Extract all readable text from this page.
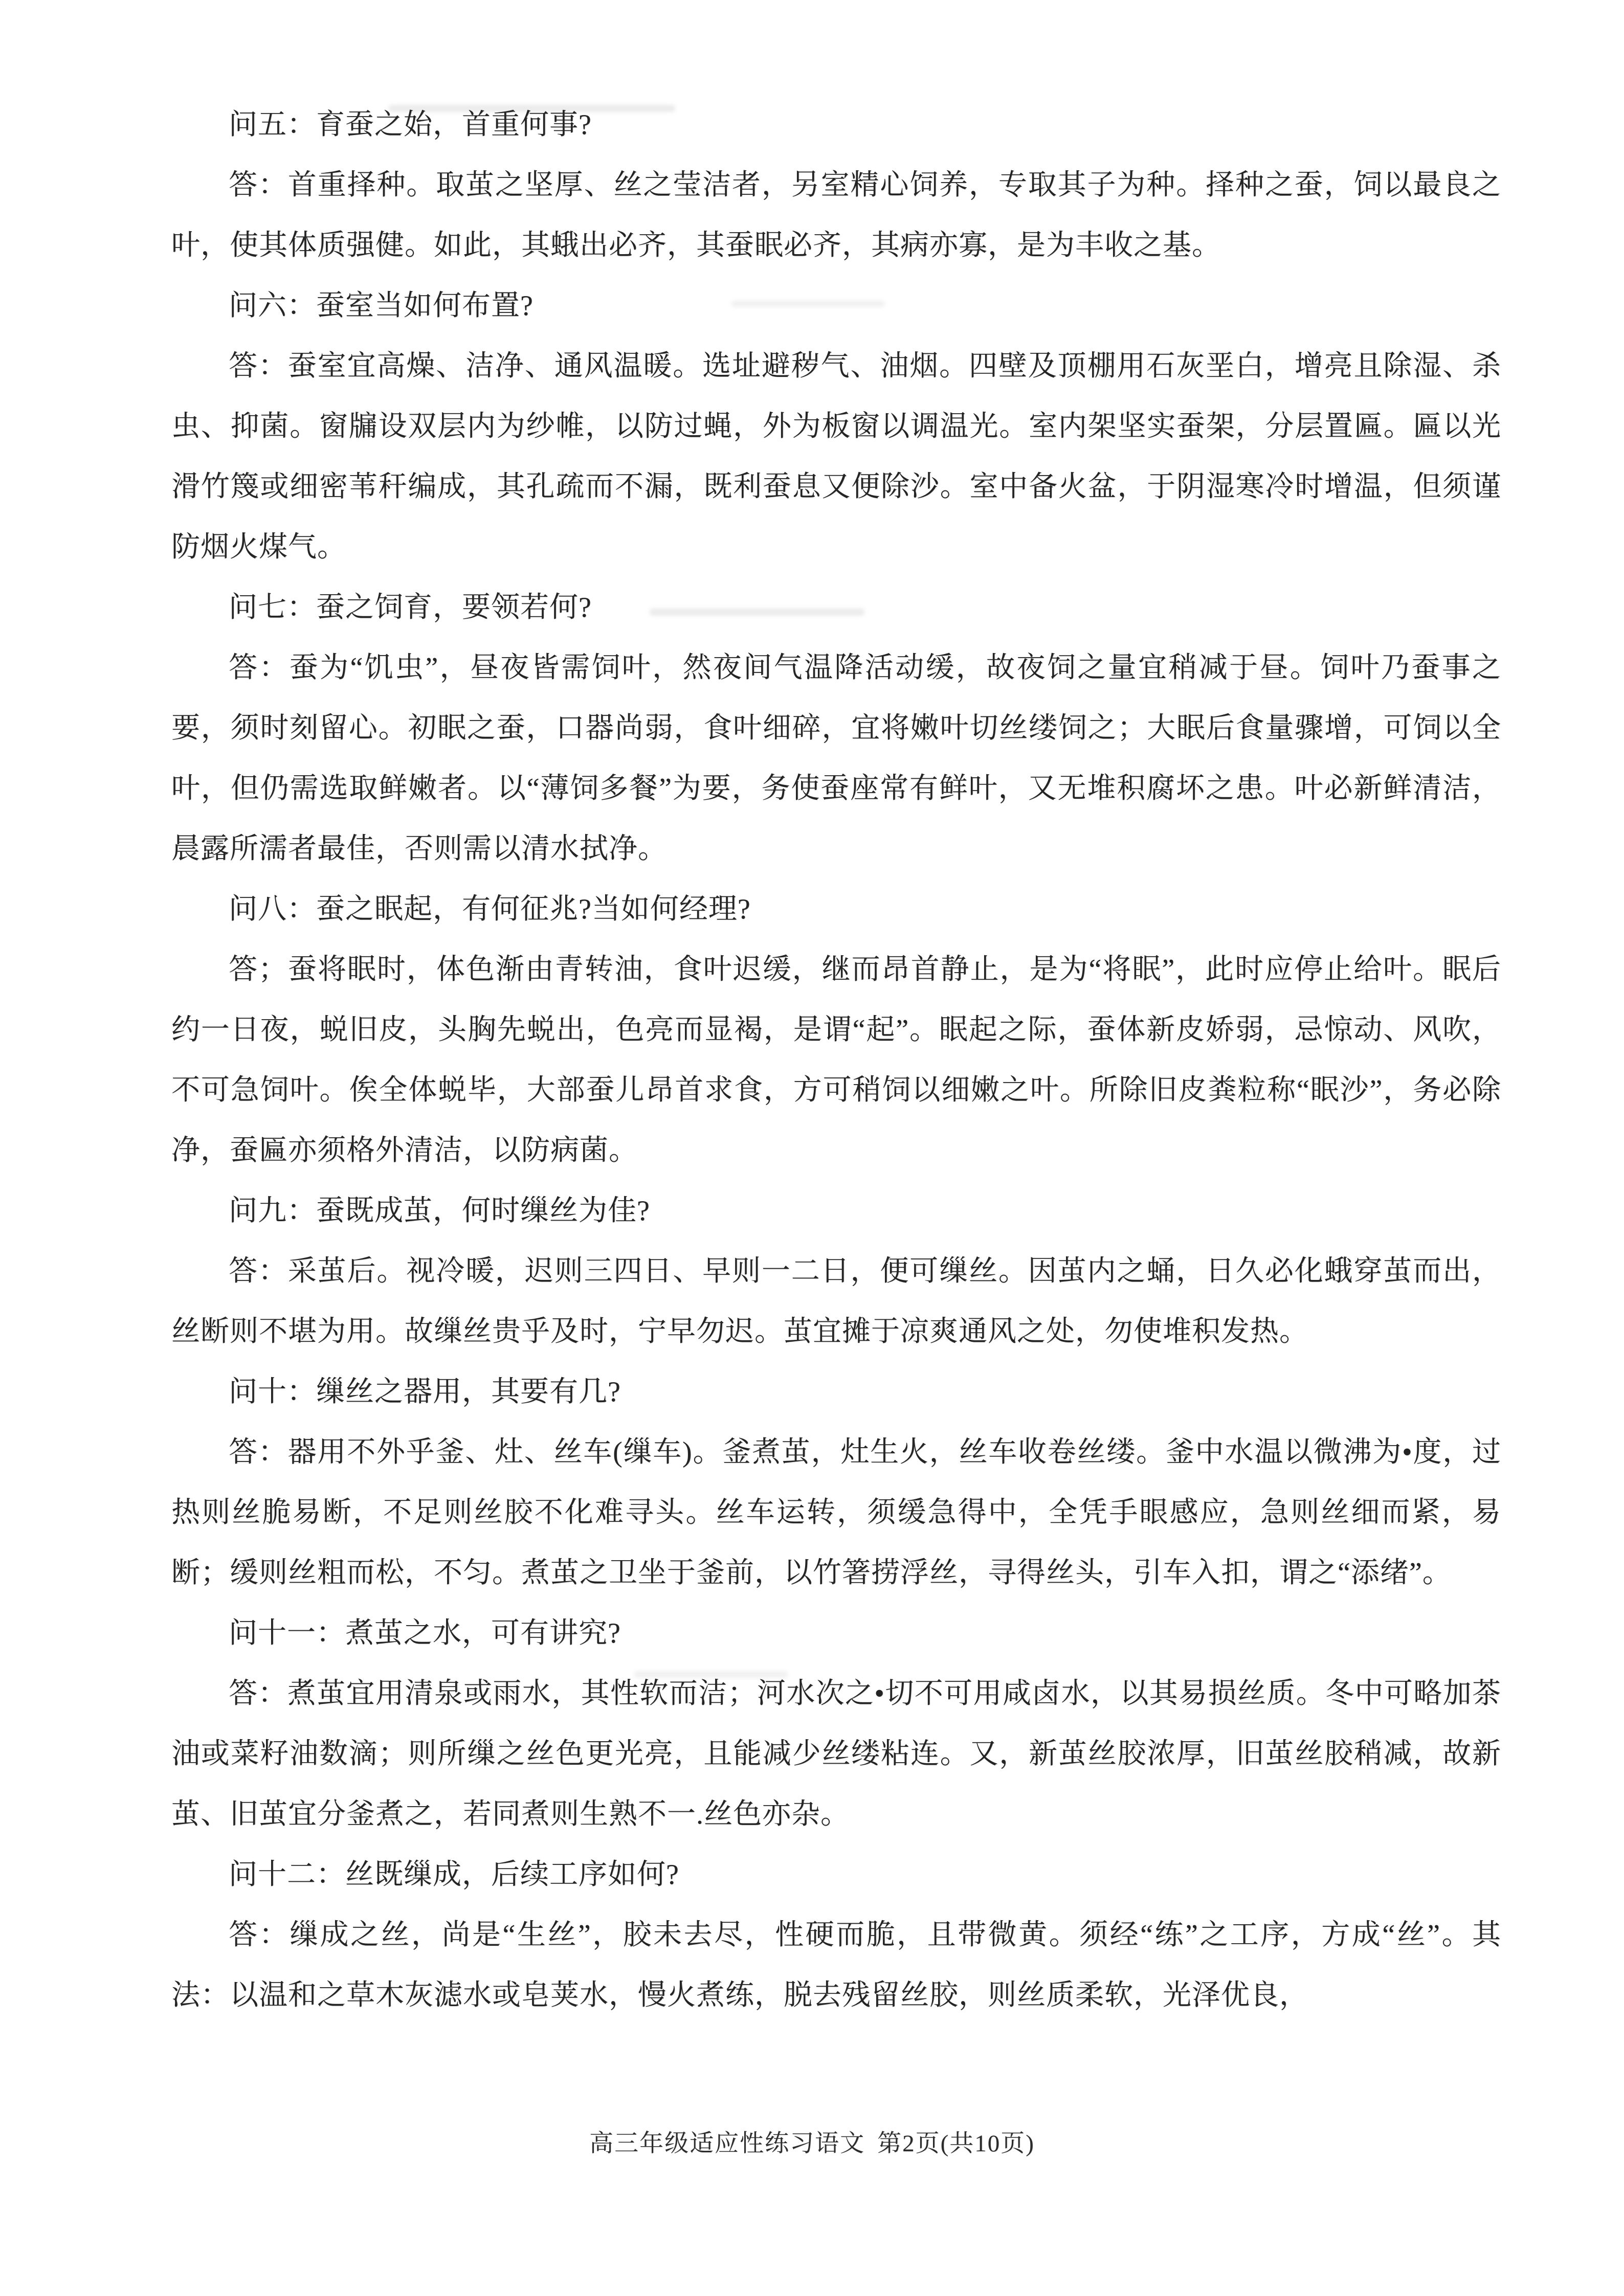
问五：育蚕之始，首重何事?

答：首重择种。取茧之坚厚、丝之莹洁者，另室精心饲养，专取其子为种。择种之蚕，饲以最良之叶，使其体质强健。如此，其蛾出必齐，其蚕眠必齐，其病亦寡，是为丰收之基。

问六：蚕室当如何布置?

答：蚕室宜高燥、洁净、通风温暖。选址避秽气、油烟。四壁及顶棚用石灰垩白，增亮且除湿、杀虫、抑菌。窗牖设双层内为纱帷，以防过蝇，外为板窗以调温光。室内架坚实蚕架，分层置匾。匾以光滑竹篾或细密苇秆编成，其孔疏而不漏，既利蚕息又便除沙。室中备火盆，于阴湿寒冷时增温，但须谨防烟火煤气。

问七：蚕之饲育，要领若何?

答：蚕为“饥虫”，昼夜皆需饲叶，然夜间气温降活动缓，故夜饲之量宜稍减于昼。饲叶乃蚕事之要，须时刻留心。初眠之蚕，口器尚弱，食叶细碎，宜将嫩叶切丝缕饲之；大眠后食量骤增，可饲以全叶，但仍需选取鲜嫩者。以“薄饲多餐”为要，务使蚕座常有鲜叶，又无堆积腐坏之患。叶必新鲜清洁，晨露所濡者最佳，否则需以清水拭净。

问八：蚕之眠起，有何征兆?当如何经理?

答；蚕将眠时，体色渐由青转油，食叶迟缓，继而昂首静止，是为“将眠”，此时应停止给叶。眠后约一日夜，蜕旧皮，头胸先蜕出，色亮而显褐，是谓“起”。眠起之际，蚕体新皮娇弱，忌惊动、风吹，不可急饲叶。俟全体蜕毕，大部蚕儿昂首求食，方可稍饲以细嫩之叶。所除旧皮粪粒称“眠沙”，务必除净，蚕匾亦须格外清洁，以防病菌。

问九：蚕既成茧，何时缫丝为佳?

答：采茧后。视冷暖，迟则三四日、早则一二日，便可缫丝。因茧内之蛹，日久必化蛾穿茧而出，丝断则不堪为用。故缫丝贵乎及时，宁早勿迟。茧宜摊于凉爽通风之处，勿使堆积发热。

问十：缫丝之器用，其要有几?

答：器用不外乎釜、灶、丝车(缫车)。釜煮茧，灶生火，丝车收卷丝缕。釜中水温以微沸为•度，过热则丝脆易断，不足则丝胶不化难寻头。丝车运转，须缓急得中，全凭手眼感应，急则丝细而紧，易断；缓则丝粗而松，不匀。煮茧之卫坐于釜前，以竹箸捞浮丝，寻得丝头，引车入扣，谓之“添绪”。

问十一：煮茧之水，可有讲究?

答：煮茧宜用清泉或雨水，其性软而洁；河水次之•切不可用咸卤水，以其易损丝质。冬中可略加茶油或菜籽油数滴；则所缫之丝色更光亮，且能减少丝缕粘连。又，新茧丝胶浓厚，旧茧丝胶稍减，故新茧、旧茧宜分釜煮之，若同煮则生熟不一.丝色亦杂。

问十二：丝既缫成，后续工序如何?

答：缫成之丝，尚是“生丝”，胶未去尽，性硬而脆，且带微黄。须经“练”之工序，方成“丝”。其法：以温和之草木灰滤水或皂荚水，慢火煮练，脱去残留丝胶，则丝质柔软，光泽优良，

高三年级适应性练习语文 第2页(共10页)
